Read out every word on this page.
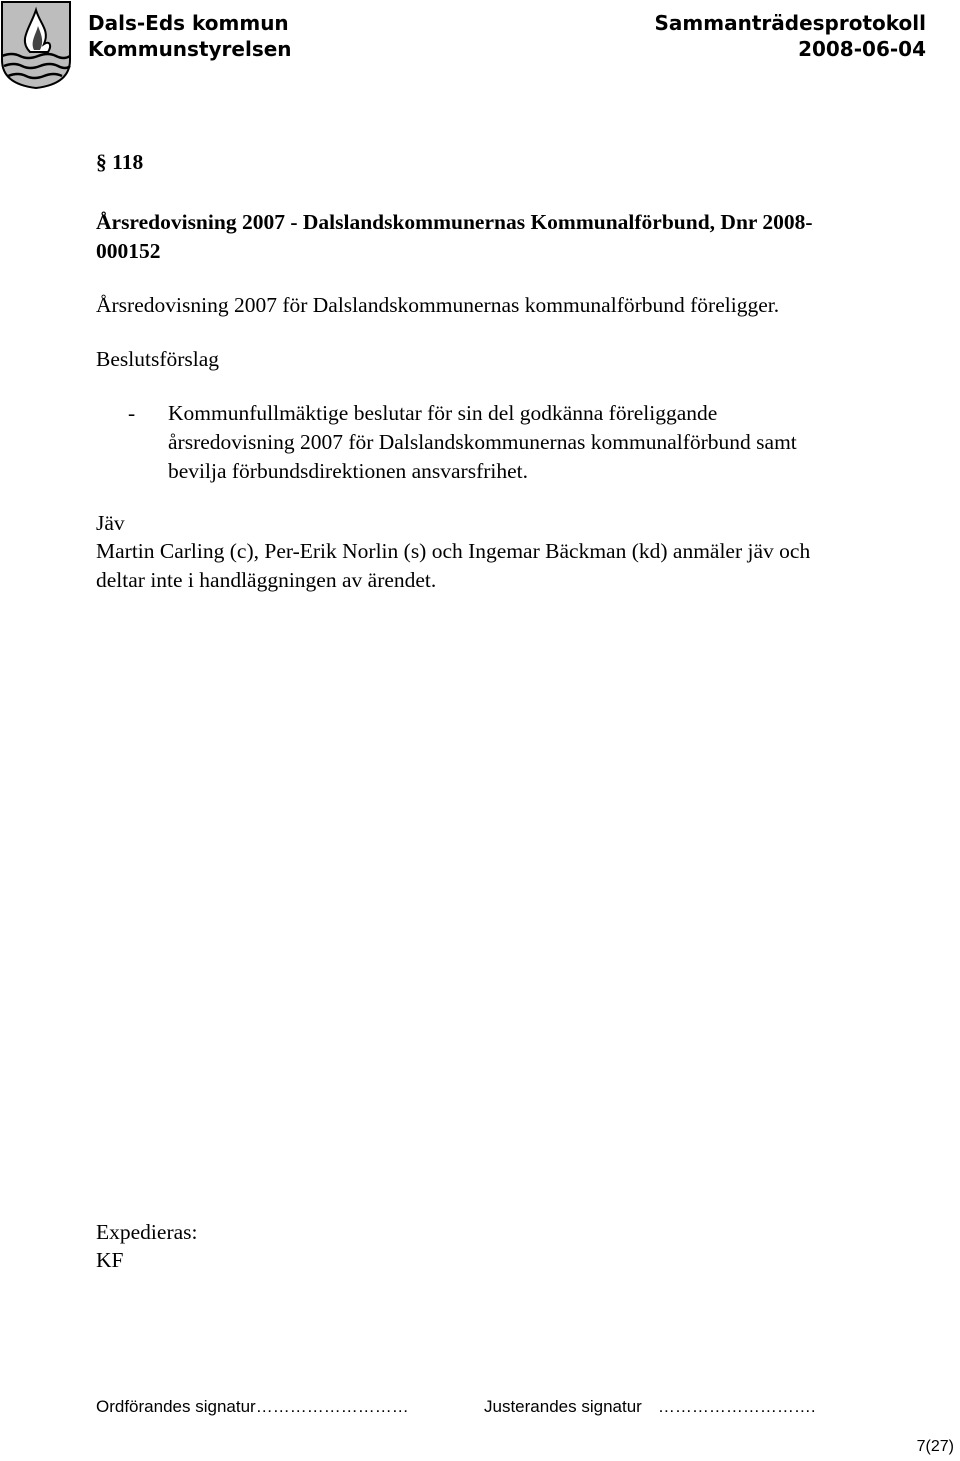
Dals-Eds kommun
Kommunstyrelsen
Sammanträdesprotokoll
2008-06-04
§ 118
Årsredovisning 2007 - Dalslandskommunernas Kommunalförbund, Dnr 2008-
000152
Årsredovisning 2007 för Dalslandskommunernas kommunalförbund föreligger.
Beslutsförslag
- Kommunfullmäktige beslutar för sin del godkänna föreliggande
årsredovisning 2007 för Dalslandskommunernas kommunalförbund samt
bevilja förbundsdirektionen ansvarsfrihet.
Jäv
Martin Carling (c), Per-Erik Norlin (s) och Ingemar Bäckman (kd) anmäler jäv och
deltar inte i handläggningen av ärendet.
Expedieras:
KF
Ordförandes signatur………………………	Justerandes signatur ……………………….
7(27)
